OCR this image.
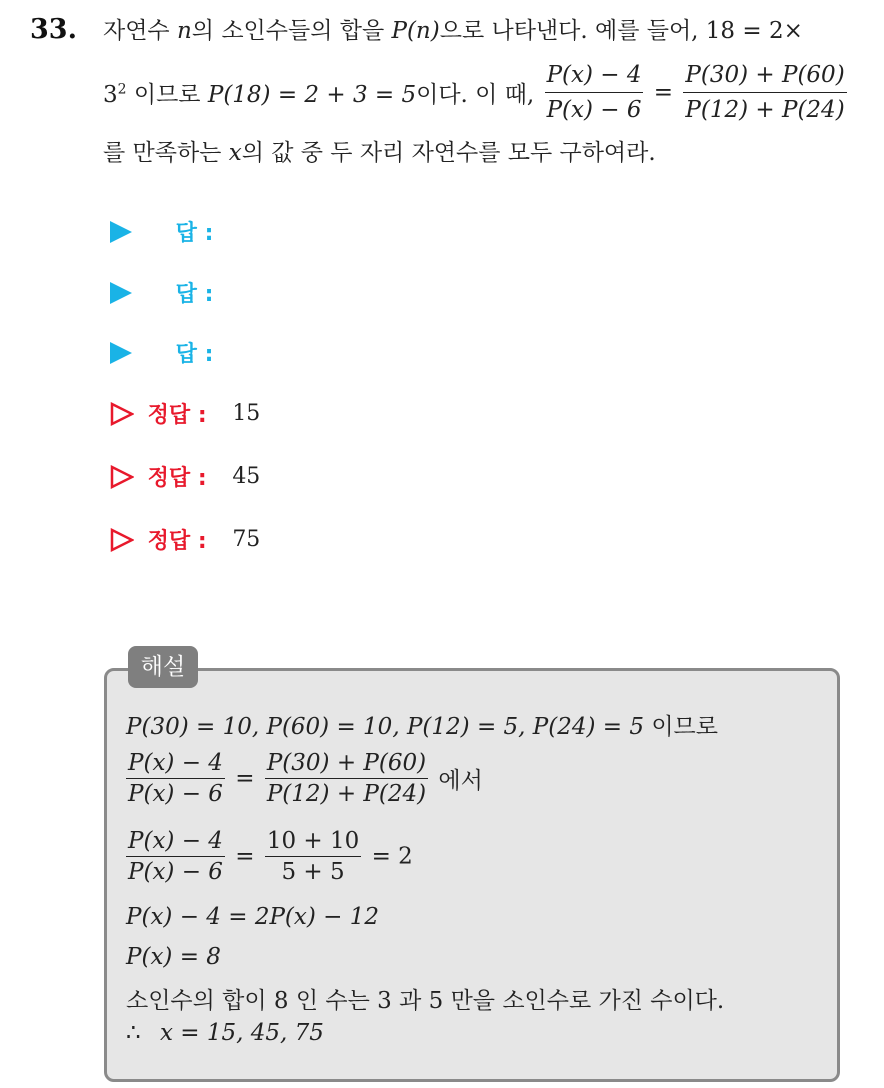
33. 자연수 n의 소인수들의 합을 P(n)으로 나타낸다. 예를 들어, 18 = 2×
$3^2$ 이므로 P(18) = 2 + 3 = 5이다. 이 때, $\frac{P(x) - 4}{P(x) - 6} = \frac{P(30) + P(60)}{P(12) + P(24)}$
를 만족하는 x의 값 중 두 자리 자연수를 모두 구하여라.
답 :
답 :
답 :
정답 : 15
정답 : 45
정답 : 75
해설
P(30) = 10, P(60) = 10, P(12) = 5, P(24) = 5 이므로
$\frac{P(x) - 4}{P(x) - 6} = \frac{P(30) + P(60)}{P(12) + P(24)}$ 에서
$\frac{P(x) - 4}{P(x) - 6} = \frac{10 + 10}{5 + 5} = 2$
P(x) − 4 = 2P(x) − 12
P(x) = 8
소인수의 합이 8 인 수는 3 과 5 만을 소인수로 가진 수이다.
∴ x = 15, 45, 75
